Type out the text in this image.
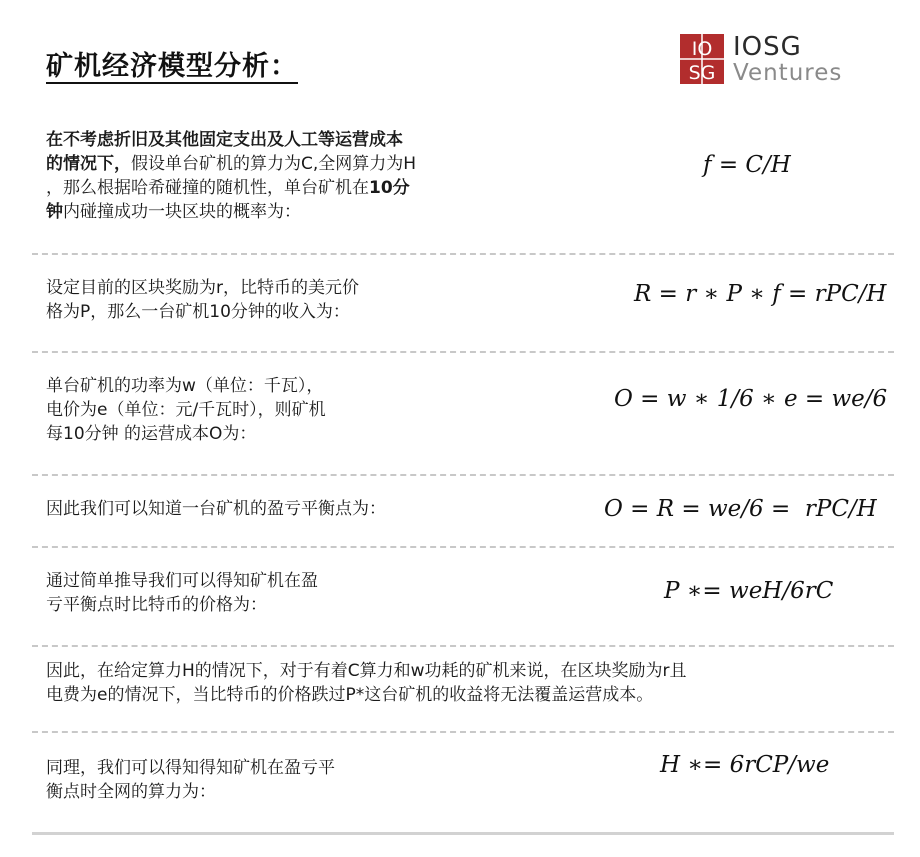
矿机经济模型分析：
IO
SG
IOSG
Ventures
在不考虑折旧及其他固定支出及人工等运营成本
的情况下，假设单台矿机的算力为C,全网算力为H
，那么根据哈希碰撞的随机性，单台矿机在10分
钟内碰撞成功一块区块的概率为：
f = C/H
设定目前的区块奖励为r，比特币的美元价
格为P，那么一台矿机10分钟的收入为：
R = r ∗ P ∗ f = rPC/H
单台矿机的功率为w（单位：千瓦），
电价为e（单位：元/千瓦时），则矿机
每10分钟 的运营成本O为：
O = w ∗ 1/6 ∗ e = we/6
因此我们可以知道一台矿机的盈亏平衡点为：	O = R = we/6 =  rPC/H
通过简单推导我们可以得知矿机在盈
亏平衡点时比特币的价格为：
P ∗= weH/6rC
因此，在给定算力H的情况下，对于有着C算力和w功耗的矿机来说，在区块奖励为r且
电费为e的情况下，当比特币的价格跌过P*这台矿机的收益将无法覆盖运营成本。
同理，我们可以得知得知矿机在盈亏平
衡点时全网的算力为：
H ∗= 6rCP/we
